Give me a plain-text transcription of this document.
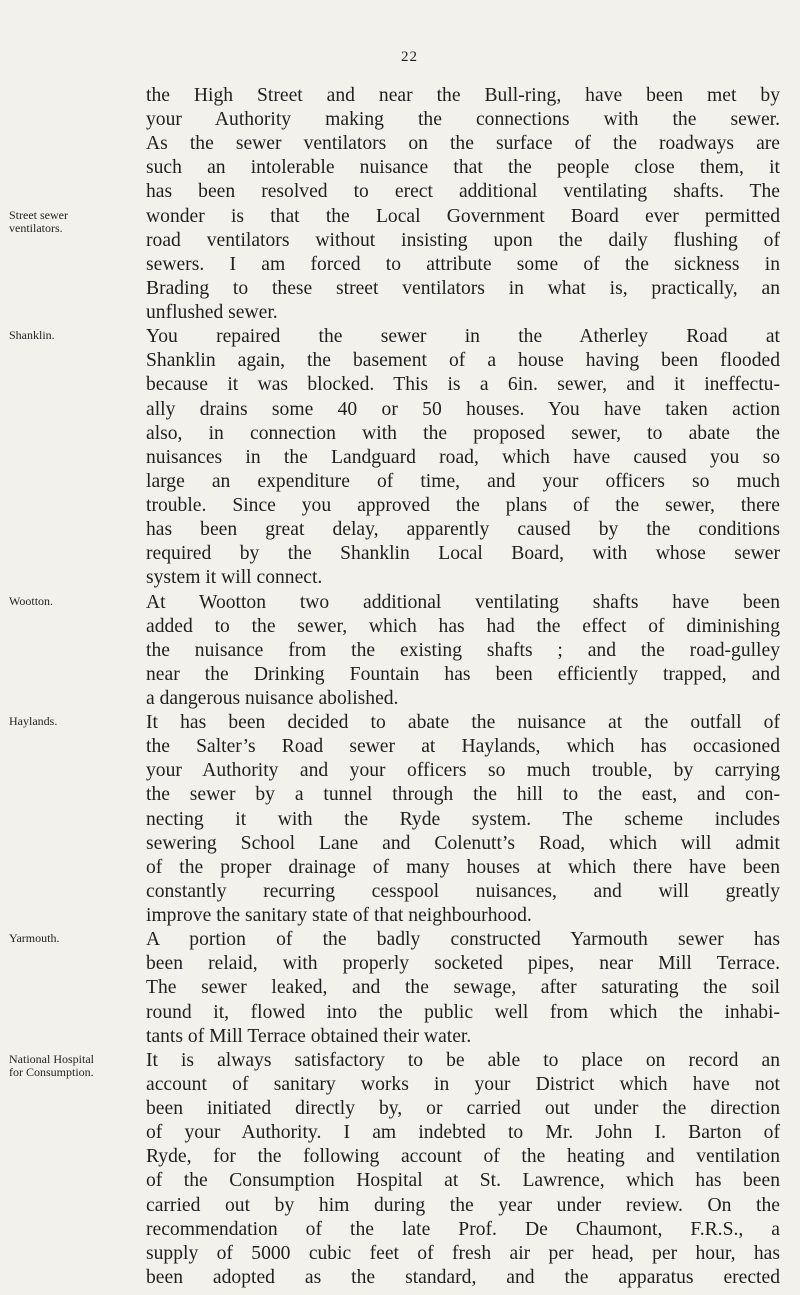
22
Street sewer ventilators.
Shanklin.
Wootton.
Haylands.
Yarmouth.
National Hospital for Consumption.
the High Street and near the Bull-ring, have been met by
your Authority making the connections with the sewer.
As the sewer ventilators on the surface of the roadways are
such an intolerable nuisance that the people close them, it
has been resolved to erect additional ventilating shafts. The
wonder is that the Local Government Board ever permitted
road ventilators without insisting upon the daily flushing of
sewers. I am forced to attribute some of the sickness in
Brading to these street ventilators in what is, practically, an
unflushed sewer.
You repaired the sewer in the Atherley Road at
Shanklin again, the basement of a house having been flooded
because it was blocked. This is a 6in. sewer, and it ineffectu-
ally drains some 40 or 50 houses. You have taken action
also, in connection with the proposed sewer, to abate the
nuisances in the Landguard road, which have caused you so
large an expenditure of time, and your officers so much
trouble. Since you approved the plans of the sewer, there
has been great delay, apparently caused by the conditions
required by the Shanklin Local Board, with whose sewer
system it will connect.
At Wootton two additional ventilating shafts have been
added to the sewer, which has had the effect of diminishing
the nuisance from the existing shafts ; and the road-gulley
near the Drinking Fountain has been efficiently trapped, and
a dangerous nuisance abolished.
It has been decided to abate the nuisance at the outfall of
the Salter’s Road sewer at Haylands, which has occasioned
your Authority and your officers so much trouble, by carrying
the sewer by a tunnel through the hill to the east, and con-
necting it with the Ryde system. The scheme includes
sewering School Lane and Colenutt’s Road, which will admit
of the proper drainage of many houses at which there have been
constantly recurring cesspool nuisances, and will greatly
improve the sanitary state of that neighbourhood.
A portion of the badly constructed Yarmouth sewer has
been relaid, with properly socketed pipes, near Mill Terrace.
The sewer leaked, and the sewage, after saturating the soil
round it, flowed into the public well from which the inhabi-
tants of Mill Terrace obtained their water.
It is always satisfactory to be able to place on record an
account of sanitary works in your District which have not
been initiated directly by, or carried out under the direction
of your Authority. I am indebted to Mr. John I. Barton of
Ryde, for the following account of the heating and ventilation
of the Consumption Hospital at St. Lawrence, which has been
carried out by him during the year under review. On the
recommendation of the late Prof. De Chaumont, F.R.S., a
supply of 5000 cubic feet of fresh air per head, per hour, has
been adopted as the standard, and the apparatus erected
